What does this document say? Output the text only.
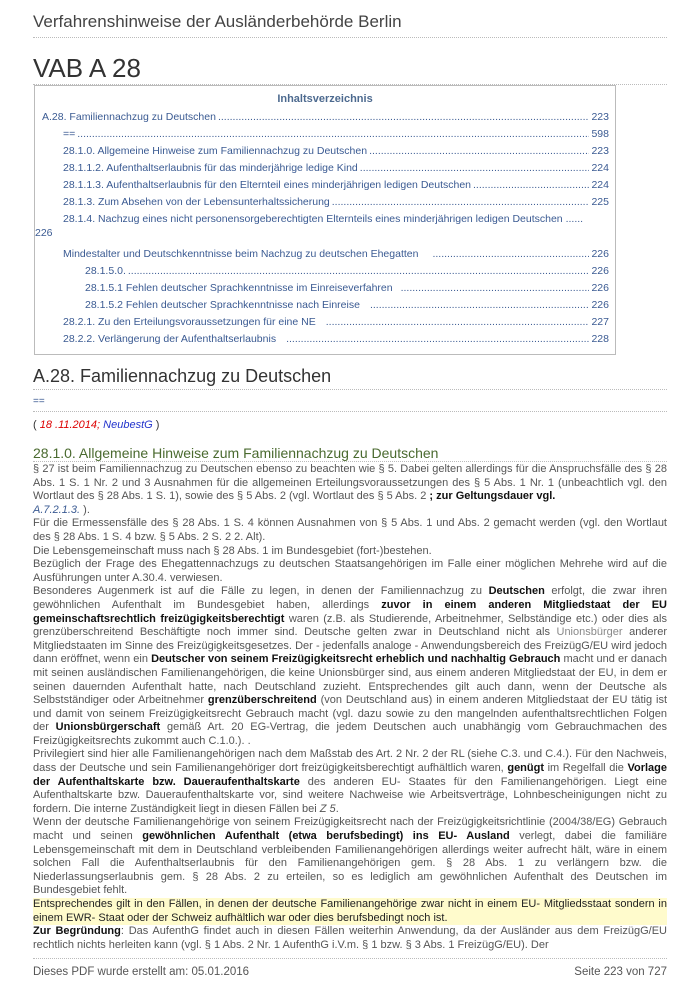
Verfahrenshinweise der Ausländerbehörde Berlin
VAB A 28
Inhaltsverzeichnis
A.28. Familiennachzug zu Deutschen .....	223
== .....	598
28.1.0. Allgemeine Hinweise zum Familiennachzug zu Deutschen .....	223
28.1.1.2. Aufenthaltserlaubnis für das minderjährige ledige Kind .....	224
28.1.1.3. Aufenthaltserlaubnis für den Elternteil eines minderjährigen ledigen Deutschen .....	224
28.1.3. Zum Absehen von der Lebensunterhaltssicherung .....	225
28.1.4. Nachzug eines nicht personensorgeberechtigten Elternteils eines minderjährigen ledigen Deutschen ......
226
Mindestalter und Deutschkenntnisse beim Nachzug zu deutschen Ehegatten .....	226
28.1.5.0. .....	226
28.1.5.1 Fehlen deutscher Sprachkenntnisse im Einreiseverfahren .....	226
28.1.5.2 Fehlen deutscher Sprachkenntnisse nach Einreise .....	226
28.2.1. Zu den Erteilungsvoraussetzungen für eine NE .....	227
28.2.2. Verlängerung der Aufenthaltserlaubnis .....	228
A.28. Familiennachzug zu Deutschen
==
( 18 .11.2014; NeubestG )
28.1.0. Allgemeine Hinweise zum Familiennachzug zu Deutschen

§ 27 ist beim Familiennachzug zu Deutschen ebenso zu beachten wie § 5. Dabei gelten allerdings für die Anspruchsfälle des § 28 Abs. 1 S. 1 Nr. 2 und 3 Ausnahmen für die allgemeinen Erteilungsvoraussetzungen des § 5 Abs. 1 Nr. 1 (unbeachtlich vgl. den Wortlaut des § 28 Abs. 1 S. 1), sowie des § 5 Abs. 2 (vgl. Wortlaut des § 5 Abs. 2 ; zur Geltungsdauer vgl.
A.7.2.1.3. ).

Für die Ermessensfälle des § 28 Abs. 1 S. 4 können Ausnahmen von § 5 Abs. 1 und Abs. 2 gemacht werden (vgl. den Wortlaut des § 28 Abs. 1 S. 4 bzw. § 5 Abs. 2 S. 2 2. Alt).

Die Lebensgemeinschaft muss nach § 28 Abs. 1 im Bundesgebiet (fort-)bestehen.

Bezüglich der Frage des Ehegattennachzugs zu deutschen Staatsangehörigen im Falle einer möglichen Mehrehe wird auf die Ausführungen unter A.30.4. verwiesen.

Besonderes Augenmerk ist auf die Fälle zu legen, in denen der Familiennachzug zu Deutschen erfolgt, die zwar ihren gewöhnlichen Aufenthalt im Bundesgebiet haben, allerdings zuvor in einem anderen Mitgliedstaat der EU gemeinschaftsrechtlich freizügigkeitsberechtigt waren (z.B. als Studierende, Arbeitnehmer, Selbständige etc.) oder dies als grenzüberschreitend Beschäftigte noch immer sind. Deutsche gelten zwar in Deutschland nicht als Unionsbürger anderer Mitgliedstaaten im Sinne des Freizügigkeitsgesetzes. Der - jedenfalls analoge - Anwendungsbereich des FreizügG/EU wird jedoch dann eröffnet, wenn ein Deutscher von seinem Freizügigkeitsrecht erheblich und nachhaltig Gebrauch macht und er danach mit seinen ausländischen Familienangehörigen, die keine Unionsbürger sind, aus einem anderen Mitgliedstaat der EU, in dem er seinen dauernden Aufenthalt hatte, nach Deutschland zuzieht. Entsprechendes gilt auch dann, wenn der Deutsche als Selbstständiger oder Arbeitnehmer grenzüberschreitend (von Deutschland aus) in einem anderen Mitgliedstaat der EU tätig ist und damit von seinem Freizügigkeitsrecht Gebrauch macht (vgl. dazu sowie zu den mangelnden aufenthaltsrechtlichen Folgen der Unionsbürgerschaft gemäß Art. 20 EG-Vertrag, die jedem Deutschen auch unabhängig vom Gebrauchmachen des Freizügigkeitsrechts zukommt auch C.1.0.). .

Privilegiert sind hier alle Familienangehörigen nach dem Maßstab des Art. 2 Nr. 2 der RL (siehe C.3. und C.4.). Für den Nachweis, dass der Deutsche und sein Familienangehöriger dort freizügigkeitsberechtigt aufhältlich waren, genügt im Regelfall die Vorlage der Aufenthaltskarte bzw. Daueraufenthaltskarte des anderen EU- Staates für den Familienangehörigen. Liegt eine Aufenthaltskarte bzw. Daueraufenthaltskarte vor, sind weitere Nachweise wie Arbeitsverträge, Lohnbescheinigungen nicht zu fordern. Die interne Zuständigkeit liegt in diesen Fällen bei Z 5.

Wenn der deutsche Familienangehörige von seinem Freizügigkeitsrecht nach der Freizügigkeitsrichtlinie (2004/38/EG) Gebrauch macht und seinen gewöhnlichen Aufenthalt (etwa berufsbedingt) ins EU- Ausland verlegt, dabei die familiäre Lebensgemeinschaft mit dem in Deutschland verbleibenden Familienangehörigen allerdings weiter aufrecht hält, wäre in einem solchen Fall die Aufenthaltserlaubnis für den Familienangehörigen gem. § 28 Abs. 1 zu verlängern bzw. die Niederlassungserlaubnis gem. § 28 Abs. 2 zu erteilen, so es lediglich am gewöhnlichen Aufenthalt des Deutschen im Bundesgebiet fehlt.

Entsprechendes gilt in den Fällen, in denen der deutsche Familienangehörige zwar nicht in einem EU- Mitgliedsstaat sondern in einem EWR- Staat oder der Schweiz aufhältlich war oder dies berufsbedingt noch ist.

Zur Begründung: Das AufenthG findet auch in diesen Fällen weiterhin Anwendung, da der Ausländer aus dem FreizügG/EU rechtlich nichts herleiten kann (vgl. § 1 Abs. 2 Nr. 1 AufenthG i.V.m. § 1 bzw. § 3 Abs. 1 FreizügG/EU). Der

Dieses PDF wurde erstellt am: 05.01.2016	Seite 223 von 727
